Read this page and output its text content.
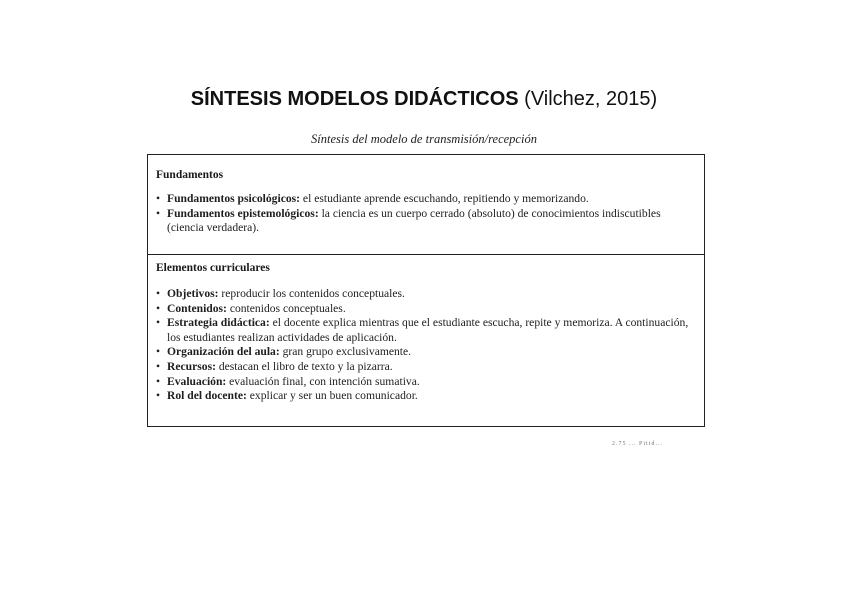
SÍNTESIS MODELOS DIDÁCTICOS (Vilchez, 2015)
Síntesis del modelo de transmisión/recepción
Fundamentos
• Fundamentos psicológicos: el estudiante aprende escuchando, repitiendo y memorizando.
• Fundamentos epistemológicos: la ciencia es un cuerpo cerrado (absoluto) de conocimientos indiscutibles (ciencia verdadera).
Elementos curriculares
• Objetivos: reproducir los contenidos conceptuales.
• Contenidos: contenidos conceptuales.
• Estrategia didáctica: el docente explica mientras que el estudiante escucha, repite y memoriza. A continuación, los estudiantes realizan actividades de aplicación.
• Organización del aula: gran grupo exclusivamente.
• Recursos: destacan el libro de texto y la pizarra.
• Evaluación: evaluación final, con intención sumativa.
• Rol del docente: explicar y ser un buen comunicador.
2.75 ... Pitid...
